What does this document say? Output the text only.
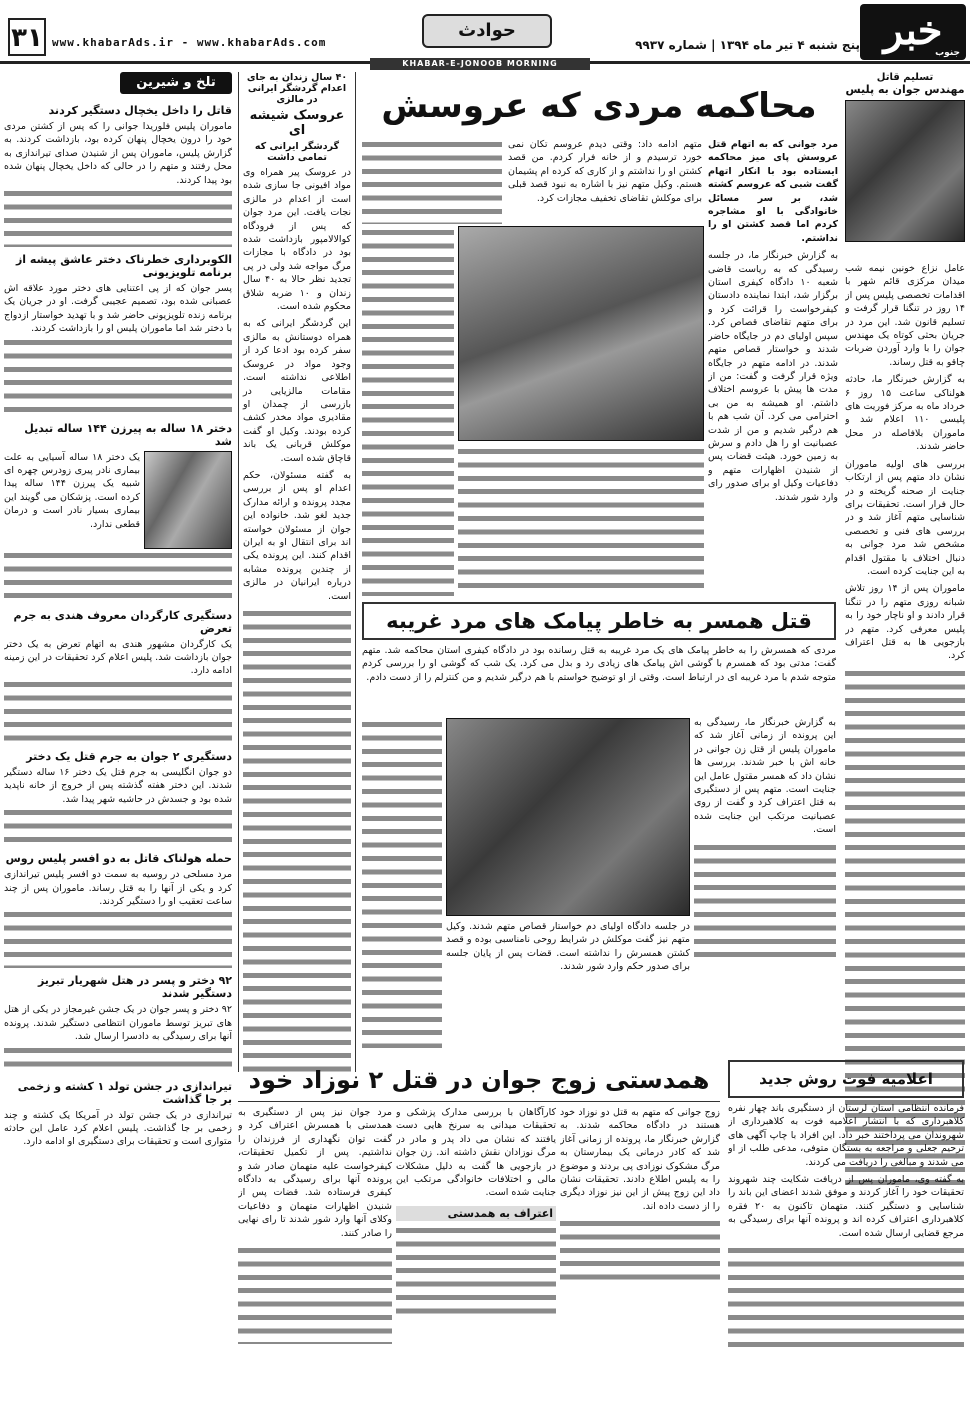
۳۱ www.khabarAds.ir - www.khabarAds.com
حوادث
پنج شنبه ۴ تیر ماه ۱۳۹۴ | شماره ۹۹۳۷ خبر
جنوب
KHABAR-E-JONOOB MORNING
تسلیم قاتل
مهندس جوان به پلیس

عامل نزاع خونین نیمه شب میدان مرکزی قائم شهر با اقدامات تخصصی پلیس پس از ۱۴ روز در تنگنا قرار گرفت و تسلیم قانون شد. این مرد در جریان بحثی کوتاه یک مهندس جوان را با وارد آوردن ضربات چاقو به قتل رساند.

به گزارش خبرنگار ما، حادثه هولناکی ساعت ۱۵ روز ۶ خرداد ماه به مرکز فوریت های پلیسی ۱۱۰ اعلام شد و ماموران بلافاصله در محل حاضر شدند.

بررسی های اولیه ماموران نشان داد متهم پس از ارتکاب جنایت از صحنه گریخته و در حال فرار است. تحقیقات برای شناسایی متهم آغاز شد و در بررسی های فنی و تخصصی مشخص شد مرد جوانی به دنبال اختلاف با مقتول اقدام به این جنایت کرده است.

ماموران پس از ۱۴ روز تلاش شبانه روزی متهم را در تنگنا قرار دادند و او ناچار خود را به پلیس معرفی کرد. متهم در بازجویی ها به قتل اعتراف کرد.

محاکمه مردی که عروسش

مرد جوانی که به اتهام قتل عروسش پای میز محاکمه ایستاده بود با انکار اتهام گفت شبی که عروسم کشته شد، بر سر مسائل خانوادگی با او مشاجره کردم اما قصد کشتن او را نداشتم.

به گزارش خبرنگار ما، در جلسه رسیدگی که به ریاست قاضی شعبه ۱۰ دادگاه کیفری استان برگزار شد، ابتدا نماینده دادستان کیفرخواست را قرائت کرد و برای متهم تقاضای قصاص کرد. سپس اولیای دم در جایگاه حاضر شدند و خواستار قصاص متهم شدند. در ادامه متهم در جایگاه ویژه قرار گرفت و گفت: من از مدت ها پیش با عروسم اختلاف داشتم. او همیشه به من بی احترامی می کرد. آن شب هم با هم درگیر شدیم و من از شدت عصبانیت او را هل دادم و سرش به زمین خورد. هیئت قضات پس از شنیدن اظهارات متهم و دفاعیات وکیل او برای صدور رای وارد شور شدند.

متهم ادامه داد: وقتی دیدم عروسم تکان نمی خورد ترسیدم و از خانه فرار کردم. من قصد کشتن او را نداشتم و از کاری که کرده ام پشیمان هستم. وکیل متهم نیز با اشاره به نبود قصد قبلی برای موکلش تقاضای تخفیف مجازات کرد.

۴۰ سال زندان به جای اعدام گردشگر ایرانی در مالزی
عروسک شیشه ای
گردشگر ایرانی که تمامی داشت

در عروسک پیر همراه وی مواد افیونی جا سازی شده است از اعدام در مالزی نجات یافت. این مرد جوان که پس از فرودگاه کوالالامپور بازداشت شده بود در دادگاه با مجازات مرگ مواجه شد ولی در پی تجدید نظر حالا به ۴۰ سال زندان و ۱۰ ضربه شلاق محکوم شده است.

این گردشگر ایرانی که به همراه دوستانش به مالزی سفر کرده بود ادعا کرد از وجود مواد در عروسک اطلاعی نداشته است. مقامات مالزیایی در بازرسی از چمدان او مقادیری مواد مخدر کشف کرده بودند. وکیل او گفت موکلش قربانی یک باند قاچاق شده است.

به گفته مسئولان، حکم اعدام او پس از بررسی مجدد پرونده و ارائه مدارک جدید لغو شد. خانواده این جوان از مسئولان خواسته اند برای انتقال او به ایران اقدام کنند. این پرونده یکی از چندین پرونده مشابه درباره ایرانیان در مالزی است.

تلخ و شیرین
قاتل را داخل یخچال دستگیر کردند

ماموران پلیس فلوریدا جوانی را که پس از کشتن مردی خود را درون یخچال پنهان کرده بود، بازداشت کردند. به گزارش پلیس، ماموران پس از شنیدن صدای تیراندازی به محل رفتند و متهم را در حالی که داخل یخچال پنهان شده بود پیدا کردند.

الکوبرداری خطرناک دختر عاشق پیشه از برنامه تلویزیونی

پسر جوان که از پی اعتنایی های دختر مورد علاقه اش عصبانی شده بود، تصمیم عجیبی گرفت. او در جریان یک برنامه زنده تلویزیونی حاضر شد و با تهدید خواستار ازدواج با دختر شد اما ماموران پلیس او را بازداشت کردند.

دختر ۱۸ ساله به پیرزن ۱۴۴ ساله تبدیل شد

یک دختر ۱۸ ساله آسیایی به علت بیماری نادر پیری زودرس چهره ای شبیه یک پیرزن ۱۴۴ ساله پیدا کرده است. پزشکان می گویند این بیماری بسیار نادر است و درمان قطعی ندارد.

دستگیری کارگردان معروف هندی به جرم تعرض

یک کارگردان مشهور هندی به اتهام تعرض به یک دختر جوان بازداشت شد. پلیس اعلام کرد تحقیقات در این زمینه ادامه دارد.

دستگیری ۲ جوان به جرم قتل یک دختر

دو جوان انگلیسی به جرم قتل یک دختر ۱۶ ساله دستگیر شدند. این دختر هفته گذشته پس از خروج از خانه ناپدید شده بود و جسدش در حاشیه شهر پیدا شد.

حمله هولناک قاتل به دو افسر پلیس روس

مرد مسلحی در روسیه به سمت دو افسر پلیس تیراندازی کرد و یکی از آنها را به قتل رساند. ماموران پس از چند ساعت تعقیب او را دستگیر کردند.

۹۲ دختر و پسر در هتل شهریار تبریز دستگیر شدند

۹۲ دختر و پسر جوان در یک جشن غیرمجاز در یکی از هتل های تبریز توسط ماموران انتظامی دستگیر شدند. پرونده آنها برای رسیدگی به دادسرا ارسال شد.

تیراندازی در جشن تولد ۱ کشته و زخمی بر جا گذاشت

تیراندازی در یک جشن تولد در آمریکا یک کشته و چند زخمی بر جا گذاشت. پلیس اعلام کرد عامل این حادثه متواری است و تحقیقات برای دستگیری او ادامه دارد.

قتل همسر به خاطر پیامک های مرد غریبه

مردی که همسرش را به خاطر پیامک های یک مرد غریبه به قتل رسانده بود در دادگاه کیفری استان محاکمه شد. متهم گفت: مدتی بود که همسرم با گوشی اش پیامک های زیادی رد و بدل می کرد. یک شب که گوشی او را بررسی کردم متوجه شدم با مرد غریبه ای در ارتباط است. وقتی از او توضیح خواستم با هم درگیر شدیم و من کنترلم را از دست دادم.

به گزارش خبرنگار ما، رسیدگی به این پرونده از زمانی آغاز شد که ماموران پلیس از قتل زن جوانی در خانه اش با خبر شدند. بررسی ها نشان داد که همسر مقتول عامل این جنایت است. متهم پس از دستگیری به قتل اعتراف کرد و گفت از روی عصبانیت مرتکب این جنایت شده است.

در جلسه دادگاه اولیای دم خواستار قصاص متهم شدند. وکیل متهم نیز گفت موکلش در شرایط روحی نامناسبی بوده و قصد کشتن همسرش را نداشته است. قضات پس از پایان جلسه برای صدور حکم وارد شور شدند.

اعلامیه فوت روش جدید

فرمانده انتظامی استان لرستان از دستگیری باند چهار نفره کلاهبرداری که با انتشار اعلامیه فوت به کلاهبرداری از شهروندان می پرداختند خبر داد. این افراد با چاپ آگهی های ترحیم جعلی و مراجعه به بستگان متوفی، مدعی طلب از او می شدند و مبالغی را دریافت می کردند.

به گفته وی، ماموران پس از دریافت شکایت چند شهروند تحقیقات خود را آغاز کردند و موفق شدند اعضای این باند را شناسایی و دستگیر کنند. متهمان تاکنون به ۲۰ فقره کلاهبرداری اعتراف کرده اند و پرونده آنها برای رسیدگی به مرجع قضایی ارسال شده است.

همدستی زوج جوان در قتل ۲ نوزاد خود

زوج جوانی که متهم به قتل دو نوزاد خود هستند در دادگاه محاکمه شدند. به گزارش خبرنگار ما، پرونده از زمانی آغاز شد که کادر درمانی یک بیمارستان به مرگ مشکوک نوزادی پی بردند و موضوع را به پلیس اطلاع دادند. تحقیقات نشان داد این زوج پیش از این نیز نوزاد دیگری را از دست داده اند.

کارآگاهان با بررسی مدارک پزشکی و تحقیقات میدانی به سرنخ هایی دست یافتند که نشان می داد پدر و مادر در مرگ نوزادان نقش داشته اند. زن جوان در بازجویی ها گفت به دلیل مشکلات مالی و اختلافات خانوادگی مرتکب این جنایت شده است.

اعتراف به همدستی

مرد جوان نیز پس از دستگیری به همدستی با همسرش اعتراف کرد و گفت توان نگهداری از فرزندان را نداشتیم. پس از تکمیل تحقیقات، کیفرخواست علیه متهمان صادر شد و پرونده آنها برای رسیدگی به دادگاه کیفری فرستاده شد. قضات پس از شنیدن اظهارات متهمان و دفاعیات وکلای آنها وارد شور شدند تا رای نهایی را صادر کنند.
